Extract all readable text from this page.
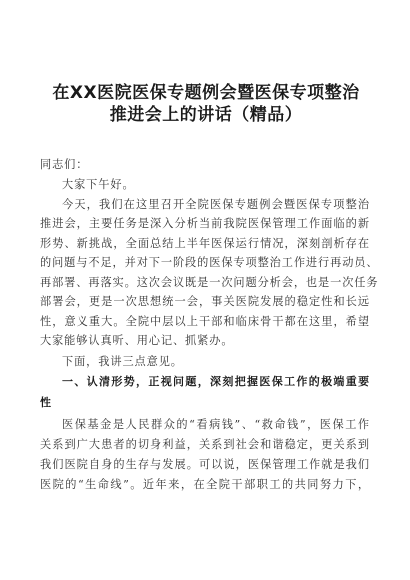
在XX医院医保专题例会暨医保专项整治
推进会上的讲话（精品）
同志们：
大家下午好。
今天，我们在这里召开全院医保专题例会暨医保专项整治
推进会，主要任务是深入分析当前我院医保管理工作面临的新
形势、新挑战，全面总结上半年医保运行情况，深刻剖析存在
的问题与不足，并对下一阶段的医保专项整治工作进行再动员、
再部署、再落实。这次会议既是一次问题分析会，也是一次任务
部署会，更是一次思想统一会，事关医院发展的稳定性和长远
性，意义重大。全院中层以上干部和临床骨干都在这里，希望
大家能够认真听、用心记、抓紧办。
下面，我讲三点意见。
一、认清形势，正视问题，深刻把握医保工作的极端重要
性
医保基金是人民群众的“看病钱”、“救命钱”，医保工作
关系到广大患者的切身利益，关系到社会和谐稳定，更关系到
我们医院自身的生存与发展。可以说，医保管理工作就是我们
医院的“生命线”。近年来，在全院干部职工的共同努力下，
